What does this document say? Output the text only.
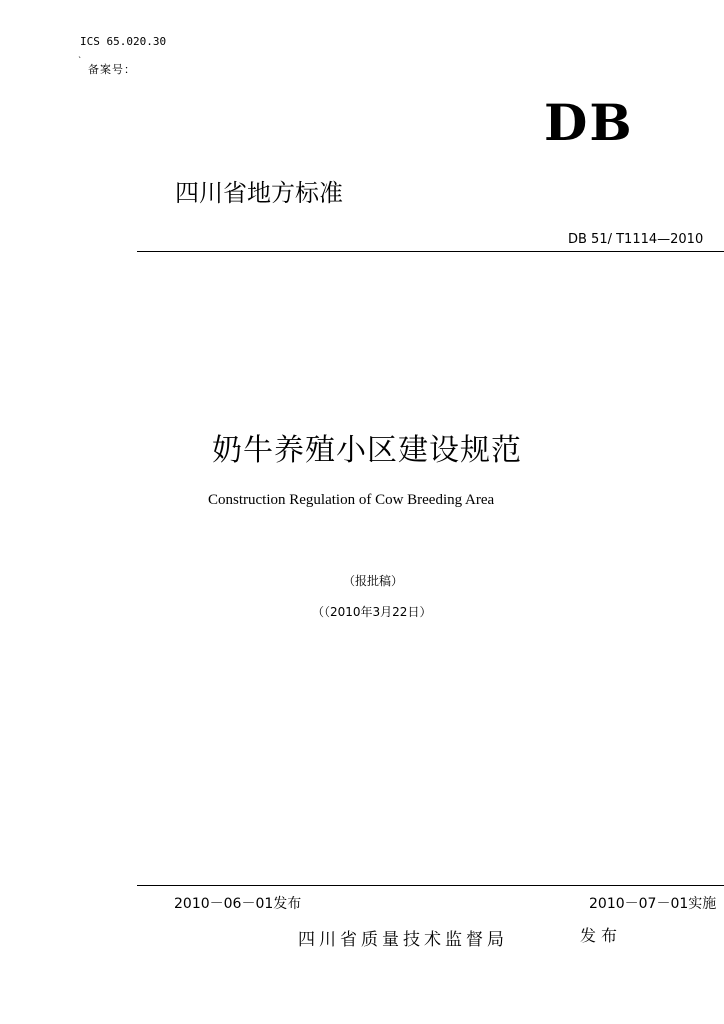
ICS 65.020.30
`
备案号：
DB
四川省地方标准
DB 51/ T1114—2010
奶牛养殖小区建设规范
Construction Regulation of Cow Breeding Area
（报批稿）
（（2010年3月22日）
2010－06－01发布	2010－07－01实施
四川省质量技术监督局	发布
